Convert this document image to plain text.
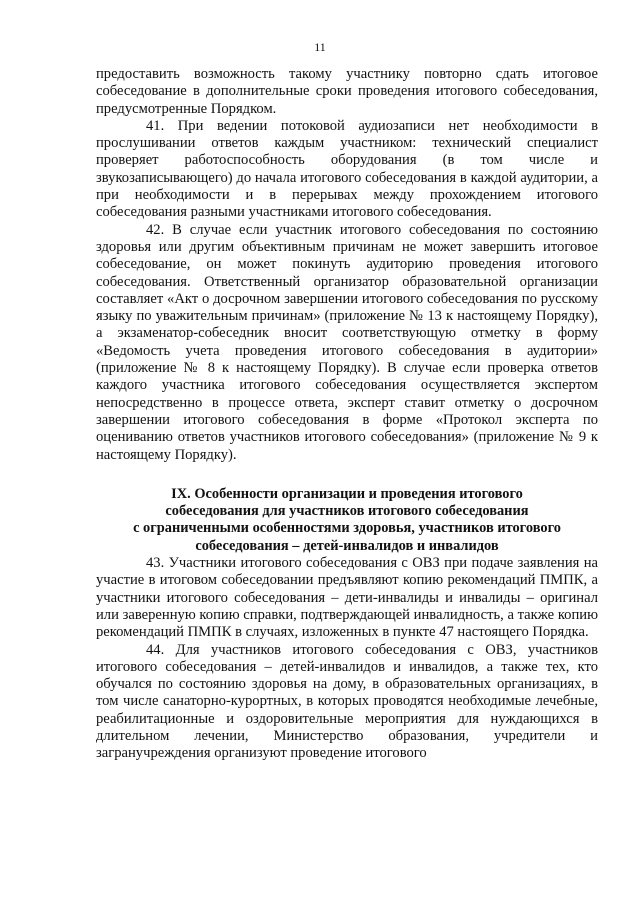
11

предоставить возможность такому участнику повторно сдать итоговое собеседование в дополнительные сроки проведения итогового собеседования, предусмотренные Порядком.

41. При ведении потоковой аудиозаписи нет необходимости в прослушивании ответов каждым участником: технический специалист проверяет работоспособность оборудования (в том числе и звукозаписывающего) до начала итогового собеседования в каждой аудитории, а при необходимости и в перерывах между прохождением итогового собеседования разными участниками итогового собеседования.

42. В случае если участник итогового собеседования по состоянию здоровья или другим объективным причинам не может завершить итоговое собеседование, он может покинуть аудиторию проведения итогового собеседования. Ответственный организатор образовательной организации составляет «Акт о досрочном завершении итогового собеседования по русскому языку по уважительным причинам» (приложение № 13 к настоящему Порядку), а экзаменатор-собеседник вносит соответствующую отметку в форму «Ведомость учета проведения итогового собеседования в аудитории» (приложение № 8 к настоящему Порядку). В случае если проверка ответов каждого участника итогового собеседования осуществляется экспертом непосредственно в процессе ответа, эксперт ставит отметку о досрочном завершении итогового собеседования в форме «Протокол эксперта по оцениванию ответов участников итогового собеседования» (приложение № 9 к настоящему Порядку).

IX. Особенности организации и проведения итогового
собеседования для участников итогового собеседования
с ограниченными особенностями здоровья, участников итогового
собеседования – детей-инвалидов и инвалидов

43. Участники итогового собеседования с ОВЗ при подаче заявления на участие в итоговом собеседовании предъявляют копию рекомендаций ПМПК, а участники итогового собеседования – дети-инвалиды и инвалиды – оригинал или заверенную копию справки, подтверждающей инвалидность, а также копию рекомендаций ПМПК в случаях, изложенных в пункте 47 настоящего Порядка.

44. Для участников итогового собеседования с ОВЗ, участников итогового собеседования – детей-инвалидов и инвалидов, а также тех, кто обучался по состоянию здоровья на дому, в образовательных организациях, в том числе санаторно-курортных, в которых проводятся необходимые лечебные, реабилитационные и оздоровительные мероприятия для нуждающихся в длительном лечении, Министерство образования, учредители и загранучреждения организуют проведение итогового
